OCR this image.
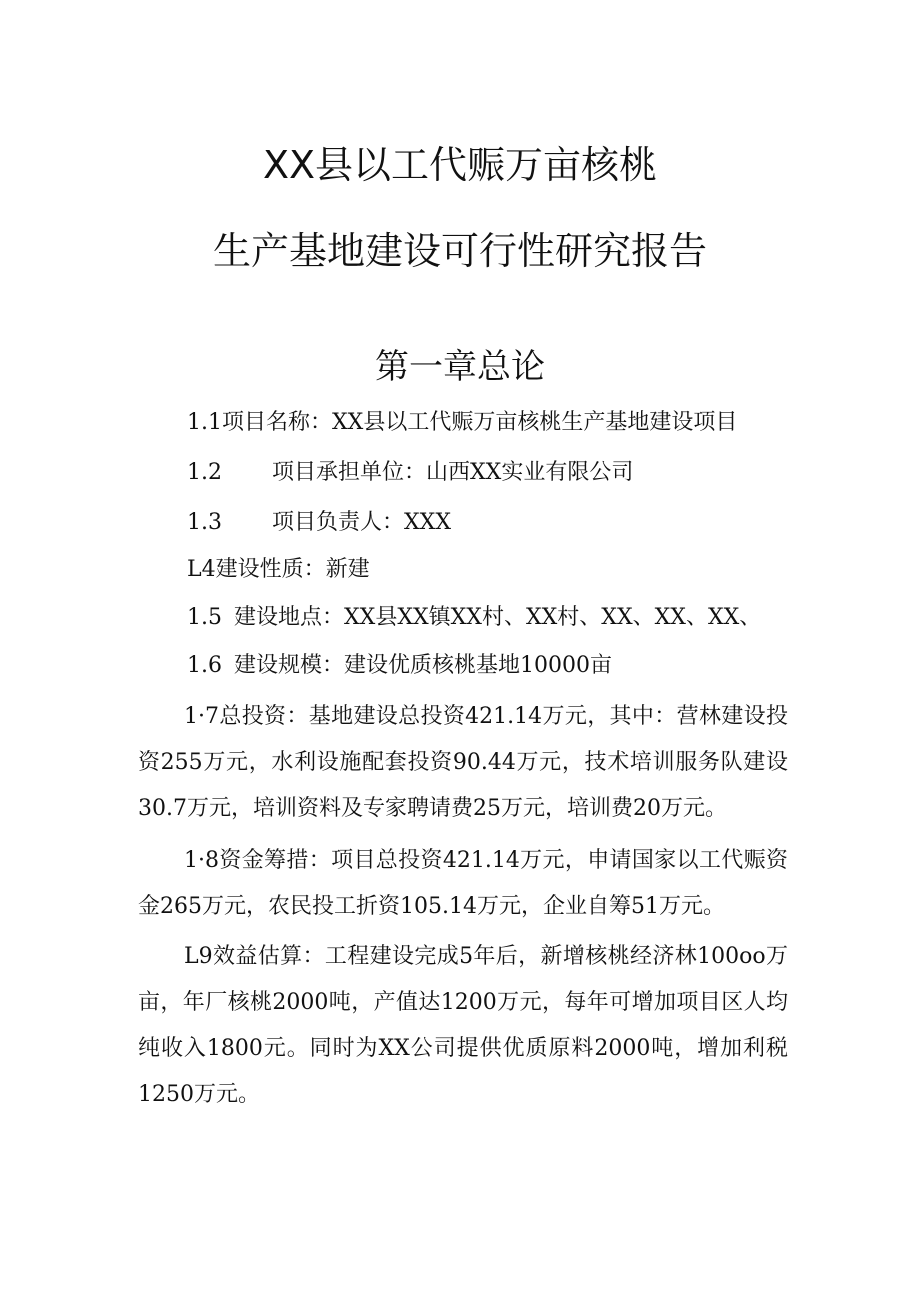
XX县以工代赈万亩核桃
生产基地建设可行性研究报告
第一章总论
1.1项目名称：XX县以工代赈万亩核桃生产基地建设项目
1.2 项目承担单位：山西XX实业有限公司
1.3 项目负责人：XXX
L4建设性质：新建
1.5 建设地点：XX县XX镇XX村、XX村、XX、XX、XX、
1.6 建设规模：建设优质核桃基地10000亩
1·7总投资：基地建设总投资421.14万元，其中：营林建设投资255万元，水利设施配套投资90.44万元，技术培训服务队建设30.7万元，培训资料及专家聘请费25万元，培训费20万元。
1·8资金筹措：项目总投资421.14万元，申请国家以工代赈资金265万元，农民投工折资105.14万元，企业自筹51万元。
L9效益估算：工程建设完成5年后，新增核桃经济林100oo万亩，年厂核桃2000吨，产值达1200万元，每年可增加项目区人均纯收入1800元。同时为XX公司提供优质原料2000吨，增加利税1250万元。
